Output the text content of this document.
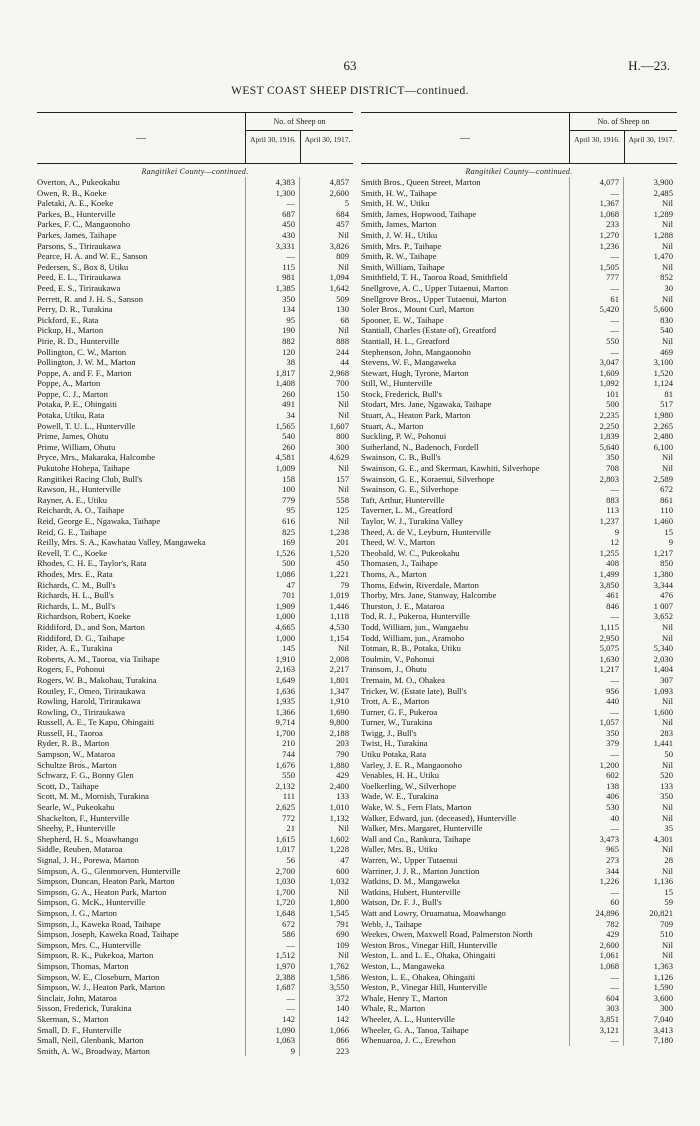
63	H.—23.
WEST COAST SHEEP DISTRICT—continued.
—
No. of Sheep on
April 30, 1916.	April 30, 1917.
Rangitikei County—continued.
Overton, A., Pukeokahu	4,383	4,857
Owen, R. B., Koeke	1,300	2,600
Paletaki, A. E., Koeke	—	5
Parkes, B., Hunterville	687	684
Parkes, F. C., Mangaonoho	450	457
Parkes, James, Taihape	430	Nil
Parsons, S., Tiriraukawa	3,331	3,826
Pearce, H. A. and W. E., Sanson	—	809
Pedersen, S., Box 8, Utiku	115	Nil
Peed, E. L., Tiriraukawa	981	1,094
Peed, E. S., Tiriraukawa	1,385	1,642
Perrett, R. and J. H. S., Sanson	350	509
Perry, D. R., Turakina	134	130
Pickford, E., Rata	95	68
Pickup, H., Marton	190	Nil
Pirie, R. D., Hunterville	882	888
Pollington, C. W., Marton	120	244
Pollington, J. W. M., Marton	38	44
Poppe, A. and F. F., Marton	1,817	2,968
Poppe, A., Marton	1,408	700
Poppe, C. J., Marton	260	150
Potaka, P. E., Ohingaiti	491	Nil
Potaka, Utiku, Rata	34	Nil
Powell, T. U. L., Hunterville	1,565	1,607
Prime, James, Ohutu	540	800
Prime, William, Ohutu	260	300
Pryce, Mrs., Makaraka, Halcombe	4,581	4,629
Pukutohe Hohepa, Taihape	1,009	Nil
Rangitikei Racing Club, Bull's	158	157
Rawson, H., Hunterville	100	Nil
Rayner, A. E., Utiku	779	558
Reichardt, A. O., Taihape	95	125
Reid, George E., Ngawaka, Taihape	616	Nil
Reid, G. E., Taihape	825	1,238
Reilly, Mrs. S. A., Kawhatau Valley, Mangaweka	169	201
Revell, T. C., Koeke	1,526	1,520
Rhodes, C. H. E., Taylor's, Rata	500	450
Rhodes, Mrs. E., Rata	1,086	1,221
Richards, C. M., Bull's	47	79
Richards, H. L., Bull's	701	1,019
Richards, L. M., Bull's	1,909	1,446
Richardson, Robert, Koeke	1,000	1,118
Riddiford, D., and Son, Marton	4,665	4,530
Riddiford, D. G., Taihape	1,000	1,154
Rider, A. E., Turakina	145	Nil
Roberts, A. M., Taoroa, via Taihape	1,910	2,008
Rogers, F., Pohonui	2,163	2,217
Rogers, W. B., Makohau, Turakina	1,649	1,801
Routley, F., Omeo, Tiriraukawa	1,636	1,347
Rowling, Harold, Tiriraukawa	1,935	1,910
Rowling, O., Tiriraukawa	1,366	1,690
Russell, A. E., Te Kapu, Ohingaiti	9,714	9,800
Russell, H., Taoroa	1,700	2,188
Ryder, R. B., Marton	210	203
Sampson, W., Mataroa	744	790
Schultze Bros., Marton	1,676	1,880
Schwarz, F. G., Bonny Glen	550	429
Scott, D., Taihape	2,132	2,400
Scott, M. M., Mornish, Turakina	111	133
Searle, W., Pukeokahu	2,625	1,010
Shackelton, F., Hunterville	772	1,132
Sheehy, P., Hunterville	21	Nil
Shepherd, H. S., Moawhango	1,615	1,602
Siddle, Reuben, Mataroa	1,017	1,228
Signal, J. H., Porewa, Marton	56	47
Simpson, A. G., Glenmorven, Hunterville	2,700	600
Simpson, Duncan, Heaton Park, Marton	1,030	1,032
Simpson, G. A., Heaton Park, Marton	1,700	Nil
Simpson, G. McK., Hunterville	1,720	1,800
Simpson, J. G., Marton	1,648	1,545
Simpson, J., Kaweka Road, Taihape	672	791
Simpson, Joseph, Kaweka Road, Taihape	586	690
Simpson, Mrs. C., Hunterville	—	109
Simpson, R. K., Pukekoa, Marton	1,512	Nil
Simpson, Thomas, Marton	1,970	1,762
Simpson, W. E., Closeburn, Marton	2,388	1,586
Simpson, W. J., Heaton Park, Marton	1,687	3,550
Sinclair, John, Mataroa	—	372
Sisson, Frederick, Turakina	—	140
Skerman, S., Marton	142	142
Small, D. F., Hunterville	1,090	1,066
Small, Neil, Glenbank, Marton	1,063	866
Smith, A. W., Broadway, Marton	9	223
—
No. of Sheep on
April 30, 1916.	April 30, 1917.
Rangitikei County—continued.
Smith Bros., Queen Street, Marton	4,077	3,900
Smith, H. W., Taihape	—	2,485
Smith, H. W., Utiku	1,367	Nil
Smith, James, Hopwood, Taihape	1,068	1,289
Smith, James, Marton	233	Nil
Smith, J. W. H., Utiku	1,270	1,288
Smith, Mrs. P., Taihape	1,236	Nil
Smith, R. W., Taihape	—	1,470
Smith, William, Taihape	1,505	Nil
Smithfield, T. H., Taoroa Road, Smithfield	777	852
Snellgrove, A. C., Upper Tutaenui, Marton	—	30
Snellgrove Bros., Upper Tutaenui, Marton	61	Nil
Soler Bros., Mount Curl, Marton	5,420	5,600
Spooner, E. W., Taihape	—	830
Stantiall, Charles (Estate of), Greatford	—	540
Stantiall, H. L., Greatford	550	Nil
Stephenson, John, Mangaonoho	—	469
Stevens, W. F., Mangaweka	3,047	3,100
Stewart, Hugh, Tyrone, Marton	1,609	1,520
Still, W., Hunterville	1,092	1,124
Stock, Frederick, Bull's	101	81
Stodart, Mrs. Jane, Ngawaka, Taihape	500	517
Stuart, A., Heaton Park, Marton	2,235	1,980
Stuart, A., Marton	2,250	2,265
Suckling, P. W., Pohonui	1,839	2,480
Sutherland, N., Badenoch, Fordell	5,640	6,100
Swainson, C. B., Bull's	350	Nil
Swainson, G. E., and Skerman, Kawhiti, Silverhope	708	Nil
Swainson, G. E., Koraenui, Silverhope	2,803	2,589
Swainson, G. E., Silverhope	—	672
Taft, Arthur, Hunterville	883	861
Taverner, L. M., Greatford	113	110
Taylor, W. J., Turakina Valley	1,237	1,460
Theed, A. de V., Leyburn, Hunterville	9	15
Theed, W. V., Marton	12	9
Theobald, W. C., Pukeokahu	1,255	1,217
Thomasen, J., Taihape	408	850
Thoms, A., Marton	1,499	1,380
Thoms, Edwin, Riverdale, Marton	3,850	3,344
Thorby, Mrs. Jane, Stanway, Halcombe	461	476
Thurston, J. E., Mataroa	846	1 007
Tod, R. J., Pukeroa, Hunterville	—	3,652
Todd, William, jun., Wangaehu	1,115	Nil
Todd, William, jun., Aramoho	2,950	Nil
Totman, R. B., Potaka, Utiku	5,075	5,340
Toulmin, V., Pohonui	1,630	2,030
Transom, J., Ohutu	1,217	1,404
Tremain, M. O., Ohakea	—	307
Tricker, W. (Estate late), Bull's	956	1,093
Trott, A. E., Marton	440	Nil
Turner, G. F., Pukeroa	—	1,600
Turner, W., Turakina	1,057	Nil
Twigg, J., Bull's	350	283
Twist, H., Turakina	379	1,441
Utiku Potaka, Rata	—	50
Varley, J. E. R., Mangaonoho	1,200	Nil
Venables, H. H., Utiku	602	520
Voelkerling, W., Silverhope	138	133
Wade, W. E., Turakina	406	350
Wake, W. S., Fern Flats, Marton	530	Nil
Walker, Edward, jun. (deceased), Hunterville	40	Nil
Walker, Mrs. Margaret, Hunterville	—	35
Wall and Co., Rankura, Taihape	3,473	4,301
Waller, Mrs. B., Utiku	965	Nil
Warren, W., Upper Tutaenui	273	28
Warriner, J. J. R., Marton Junction	344	Nil
Watkins, D. M., Mangaweka	1,226	1,136
Watkins, Hubert, Hunterville	—	15
Watson, Dr. F. J., Bull's	60	59
Watt and Lowry, Oruamatua, Moawhango	24,896	20,821
Webb, J., Taihape	782	709
Weekes, Owen, Maxwell Road, Palmerston North	429	510
Weston Bros., Vinegar Hill, Hunterville	2,600	Nil
Weston, L. and L. E., Ohaka, Ohingaiti	1,061	Nil
Weston, L., Mangaweka	1,068	1,363
Weston, L. E., Ohakea, Ohingaiti	—	1,126
Weston, P., Vinegar Hill, Hunterville	—	1,590
Whale, Henry T., Marton	604	3,600
Whale, R., Marton	303	300
Wheeler, A. L., Hunterville	3,851	7,040
Wheeler, G. A., Tanoa, Taihape	3,121	3,413
Whenuaroa, J. C., Erewhon	—	7,180
